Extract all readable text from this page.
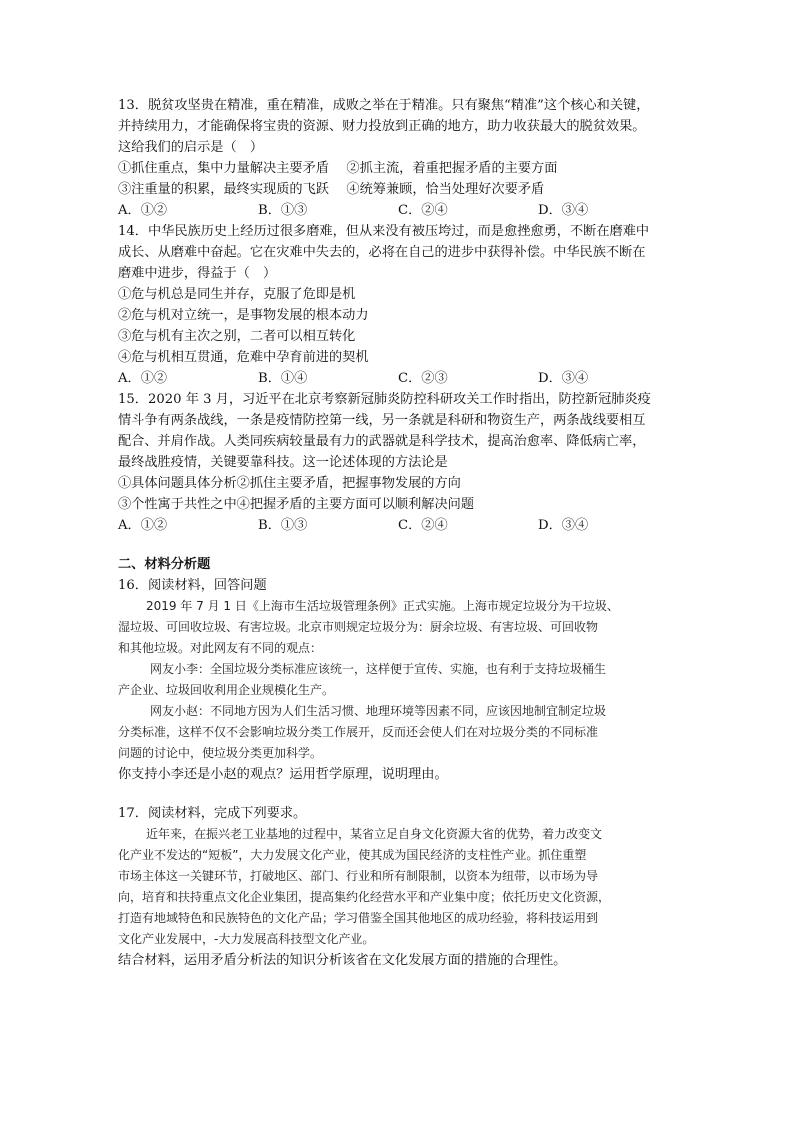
13．脱贫攻坚贵在精准，重在精准，成败之举在于精准。只有聚焦“精准”这个核心和关键，
并持续用力，才能确保将宝贵的资源、财力投放到正确的地方，助力收获最大的脱贫效果。
这给我们的启示是（　）
①抓住重点，集中力量解决主要矛盾　 ②抓主流，着重把握矛盾的主要方面
③注重量的积累，最终实现质的飞跃　 ④统筹兼顾，恰当处理好次要矛盾
A．①②	B．①③	C．②④	D．③④
14．中华民族历史上经历过很多磨难，但从来没有被压垮过，而是愈挫愈勇，不断在磨难中
成长、从磨难中奋起。它在灾难中失去的，必将在自己的进步中获得补偿。中华民族不断在
磨难中进步，得益于（　）
①危与机总是同生并存，克服了危即是机
②危与机对立统一，是事物发展的根本动力
③危与机有主次之别，二者可以相互转化
④危与机相互贯通，危难中孕育前进的契机
A．①②	B．①④	C．②③	D．③④
15．2020 年 3 月，习近平在北京考察新冠肺炎防控科研攻关工作时指出，防控新冠肺炎疫
情斗争有两条战线，一条是疫情防控第一线，另一条就是科研和物资生产，两条战线要相互
配合、并肩作战。人类同疾病较量最有力的武器就是科学技术，提高治愈率、降低病亡率，
最终战胜疫情，关键要靠科技。这一论述体现的方法论是
①具体问题具体分析②抓住主要矛盾，把握事物发展的方向
③个性寓于共性之中④把握矛盾的主要方面可以顺利解决问题
A．①②	B．①③	C．②④	D．③④
二、材料分析题
16．阅读材料，回答问题
2019 年 7 月 1 日《上海市生活垃圾管理条例》正式实施。上海市规定垃圾分为干垃圾、
湿垃圾、可回收垃圾、有害垃圾。北京市则规定垃圾分为：厨余垃圾、有害垃圾、可回收物
和其他垃圾。对此网友有不同的观点：
网友小李：全国垃圾分类标准应该统一，这样便于宣传、实施，也有利于支持垃圾桶生
产企业、垃圾回收利用企业规模化生产。
网友小赵：不同地方因为人们生活习惯、地理环境等因素不同，应该因地制宜制定垃圾
分类标准，这样不仅不会影响垃圾分类工作展开，反而还会使人们在对垃圾分类的不同标准
问题的讨论中，使垃圾分类更加科学。
你支持小李还是小赵的观点？运用哲学原理，说明理由。
17．阅读材料，完成下列要求。
近年来，在振兴老工业基地的过程中，某省立足自身文化资源大省的优势，着力改变文
化产业不发达的“短板”，大力发展文化产业，使其成为国民经济的支柱性产业。抓住重塑
市场主体这一关键环节，打破地区、部门、行业和所有制限制，以资本为纽带，以市场为导
向，培育和扶持重点文化企业集团，提高集约化经营水平和产业集中度；依托历史文化资源，
打造有地域特色和民族特色的文化产品；学习借鉴全国其他地区的成功经验，将科技运用到
文化产业发展中，-大力发展高科技型文化产业。
结合材料，运用矛盾分析法的知识分析该省在文化发展方面的措施的合理性。
